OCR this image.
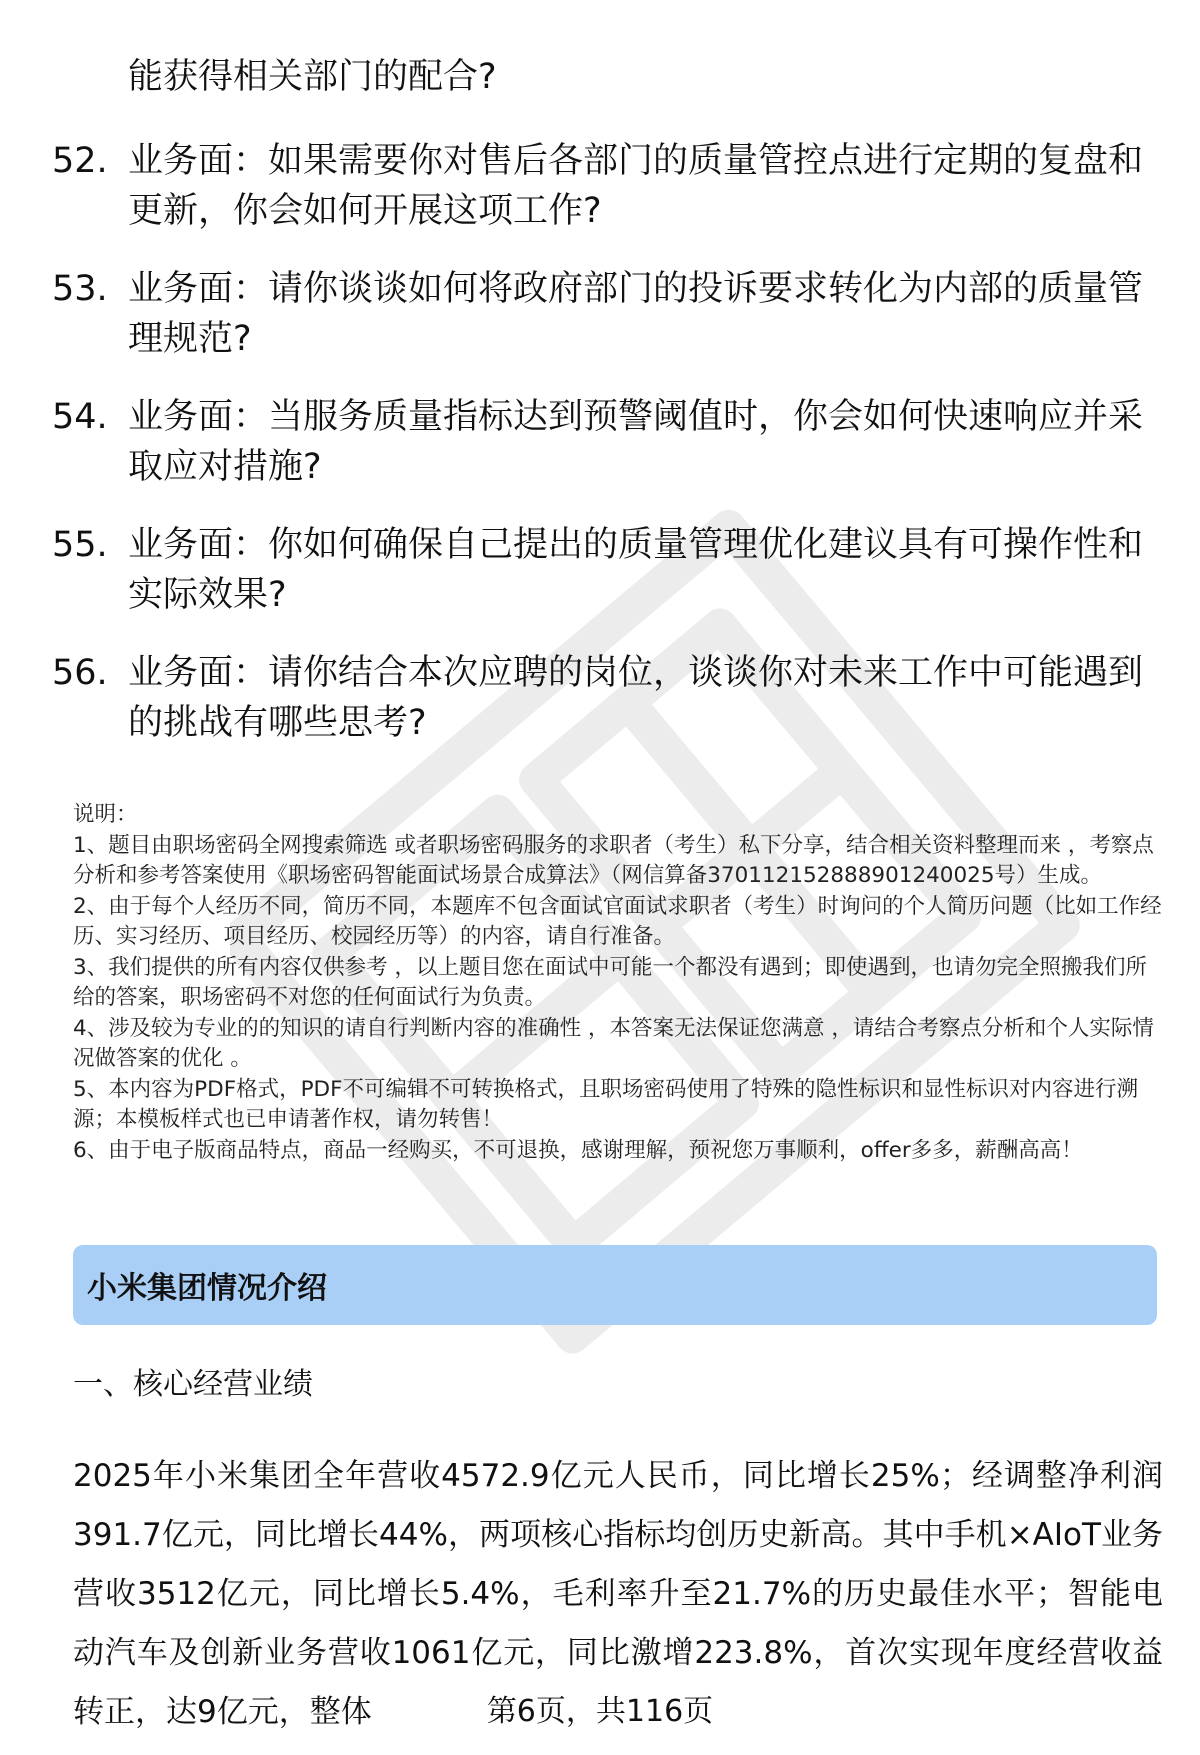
能获得相关部门的配合?
52. 业务面：如果需要你对售后各部门的质量管控点进行定期的复盘和更新，你会如何开展这项工作?
53. 业务面：请你谈谈如何将政府部门的投诉要求转化为内部的质量管理规范?
54. 业务面：当服务质量指标达到预警阈值时，你会如何快速响应并采取应对措施?
55. 业务面：你如何确保自己提出的质量管理优化建议具有可操作性和实际效果?
56. 业务面：请你结合本次应聘的岗位，谈谈你对未来工作中可能遇到的挑战有哪些思考?

说明：

1、题目由职场密码全网搜索筛选 或者职场密码服务的求职者（考生）私下分享，结合相关资料整理而来 ，考察点分析和参考答案使用《职场密码智能面试场景合成算法》（网信算备370112152888901240025号）生成。

2、由于每个人经历不同，简历不同，本题库不包含面试官面试求职者（考生）时询问的个人简历问题（比如工作经历、实习经历、项目经历、校园经历等）的内容，请自行准备。

3、我们提供的所有内容仅供参考 ，以上题目您在面试中可能一个都没有遇到；即使遇到，也请勿完全照搬我们所给的答案，职场密码不对您的任何面试行为负责。

4、涉及较为专业的的知识的请自行判断内容的准确性 ，本答案无法保证您满意 ，请结合考察点分析和个人实际情况做答案的优化 。

5、本内容为PDF格式，PDF不可编辑不可转换格式，且职场密码使用了特殊的隐性标识和显性标识对内容进行溯源；本模板样式也已申请著作权，请勿转售！

6、由于电子版商品特点，商品一经购买，不可退换，感谢理解，预祝您万事顺利，offer多多，薪酬高高！

小米集团情况介绍
一、核心经营业绩

2025年小米集团全年营收4572.9亿元人民币，同比增长25%；经调整净利润391.7亿元，同比增长44%，两项核心指标均创历史新高。其中手机×AIoT业务营收3512亿元，同比增长5.4%，毛利率升至21.7%的历史最佳水平；智能电动汽车及创新业务营收1061亿元，同比激增223.8%，首次实现年度经营收益转正，达9亿元，整体	第6页，共116页
